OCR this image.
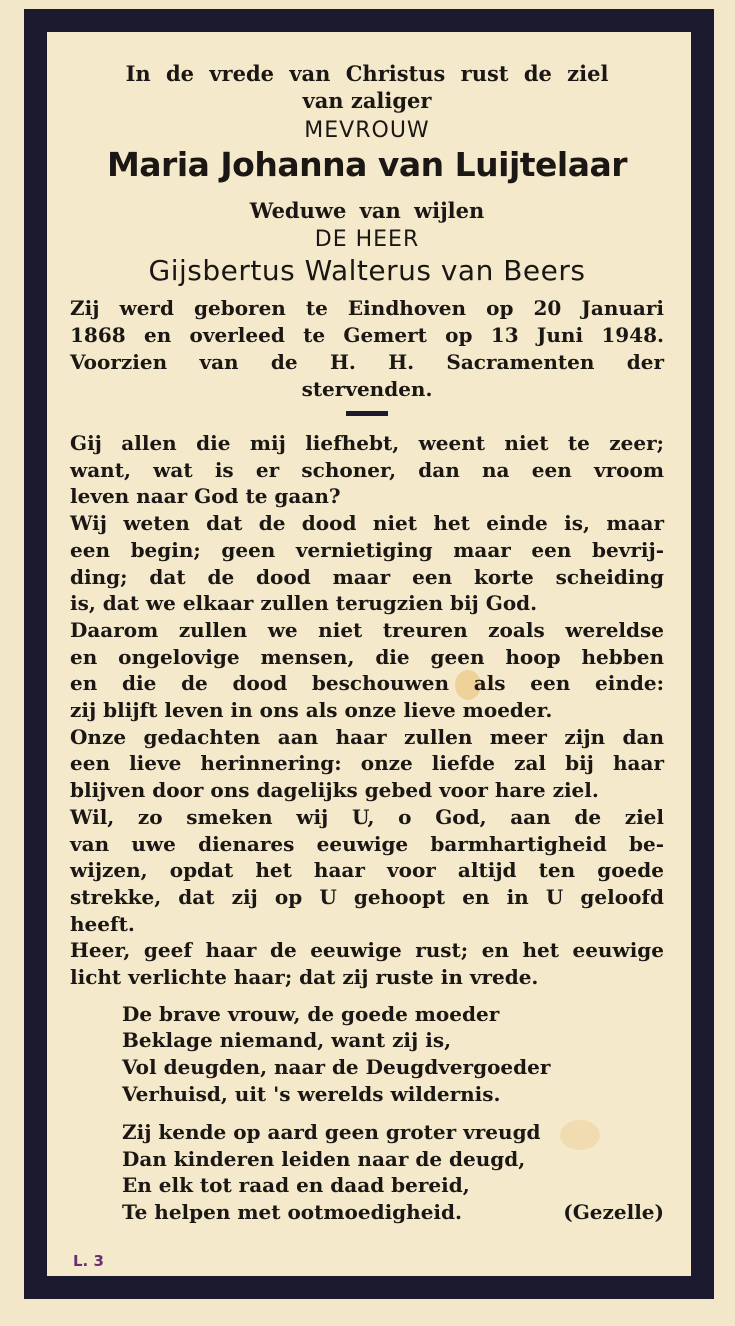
In de vrede van Christus rust de ziel
van zaliger
MEVROUW
Maria Johanna van Luijtelaar
Weduwe van wijlen
DE HEER
Gijsbertus Walterus van Beers
Zij werd geboren te Eindhoven op 20 Januari
1868 en overleed te Gemert op 13 Juni 1948.
Voorzien van de H. H. Sacramenten der
stervenden.
Gij allen die mij liefhebt, weent niet te zeer;
want, wat is er schoner, dan na een vroom
leven naar God te gaan?
Wij weten dat de dood niet het einde is, maar
een begin; geen vernietiging maar een bevrij-
ding; dat de dood maar een korte scheiding
is, dat we elkaar zullen terugzien bij God.
Daarom zullen we niet treuren zoals wereldse
en ongelovige mensen, die geen hoop hebben
en die de dood beschouwen als een einde:
zij blijft leven in ons als onze lieve moeder.
Onze gedachten aan haar zullen meer zijn dan
een lieve herinnering: onze liefde zal bij haar
blijven door ons dagelijks gebed voor hare ziel.
Wil, zo smeken wij U, o God, aan de ziel
van uwe dienares eeuwige barmhartigheid be-
wijzen, opdat het haar voor altijd ten goede
strekke, dat zij op U gehoopt en in U geloofd
heeft.
Heer, geef haar de eeuwige rust; en het eeuwige
licht verlichte haar; dat zij ruste in vrede.
De brave vrouw, de goede moeder
Beklage niemand, want zij is,
Vol deugden, naar de Deugdvergoeder
Verhuisd, uit 's werelds wildernis.
Zij kende op aard geen groter vreugd
Dan kinderen leiden naar de deugd,
En elk tot raad en daad bereid,
Te helpen met ootmoedigheid.	(Gezelle)
L. 3
